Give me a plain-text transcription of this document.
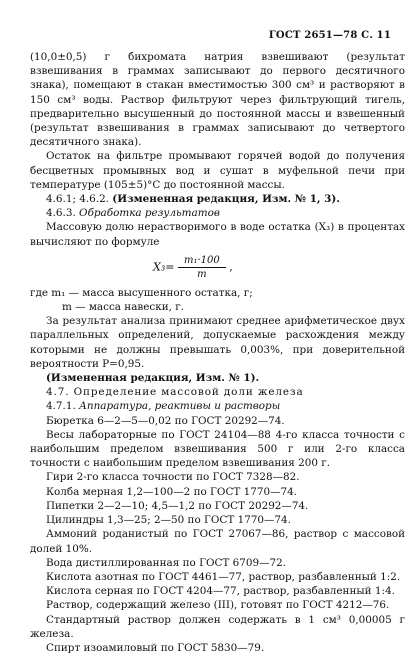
ГОСТ 2651—78 С. 11

(10,0±0,5) г бихромата натрия взвешивают (результат взвешивания в граммах записывают до первого десятичного знака), помещают в стакан вместимостью 300 см³ и растворяют в 150 см³ воды. Раствор фильтруют через фильтрующий тигель, предварительно высушенный до постоянной массы и взвешенный (результат взвешивания в граммах записывают до четвертого десятичного знака).

Остаток на фильтре промывают горячей водой до получения бесцветных промывных вод и сушат в муфельной печи при температуре (105±5)°С до постоянной массы.

4.6.1; 4.6.2. (Измененная редакция, Изм. № 1, 3).

4.6.3. Обработка результатов

Массовую долю нерастворимого в воде остатка (X₃) в процентах вычисляют по формуле

$X_3= \frac{\text{m₁·100}}{m}$ ,

где m₁ — масса высушенного остатка, г;

m — масса навески, г.

За результат анализа принимают среднее арифметическое двух параллельных определений, допускаемые расхождения между которыми не должны превышать 0,003%, при доверительной вероятности P=0,95.

(Измененная редакция, Изм. № 1).

4.7. Определение массовой доли железа

4.7.1. Аппаратура, реактивы и растворы

Бюретка 6—2—5—0,02 по ГОСТ 20292—74.

Весы лабораторные по ГОСТ 24104—88 4-го класса точности с наибольшим пределом взвешивания 500 г или 2-го класса точности с наибольшим пределом взвешивания 200 г.

Гири 2-го класса точности по ГОСТ 7328—82.

Колба мерная 1,2—100—2 по ГОСТ 1770—74.

Пипетки 2—2—10; 4,5—1,2 по ГОСТ 20292—74.

Цилиндры 1,3—25; 2—50 по ГОСТ 1770—74.

Аммоний роданистый по ГОСТ 27067—86, раствор с массовой долей 10%.

Вода дистиллированная по ГОСТ 6709—72.

Кислота азотная по ГОСТ 4461—77, раствор, разбавленный 1:2.

Кислота серная по ГОСТ 4204—77, раствор, разбавленный 1:4.

Раствор, содержащий железо (III), готовят по ГОСТ 4212—76.

Стандартный раствор должен содержать в 1 см³ 0,00005 г железа.

Спирт изоамиловый по ГОСТ 5830—79.
